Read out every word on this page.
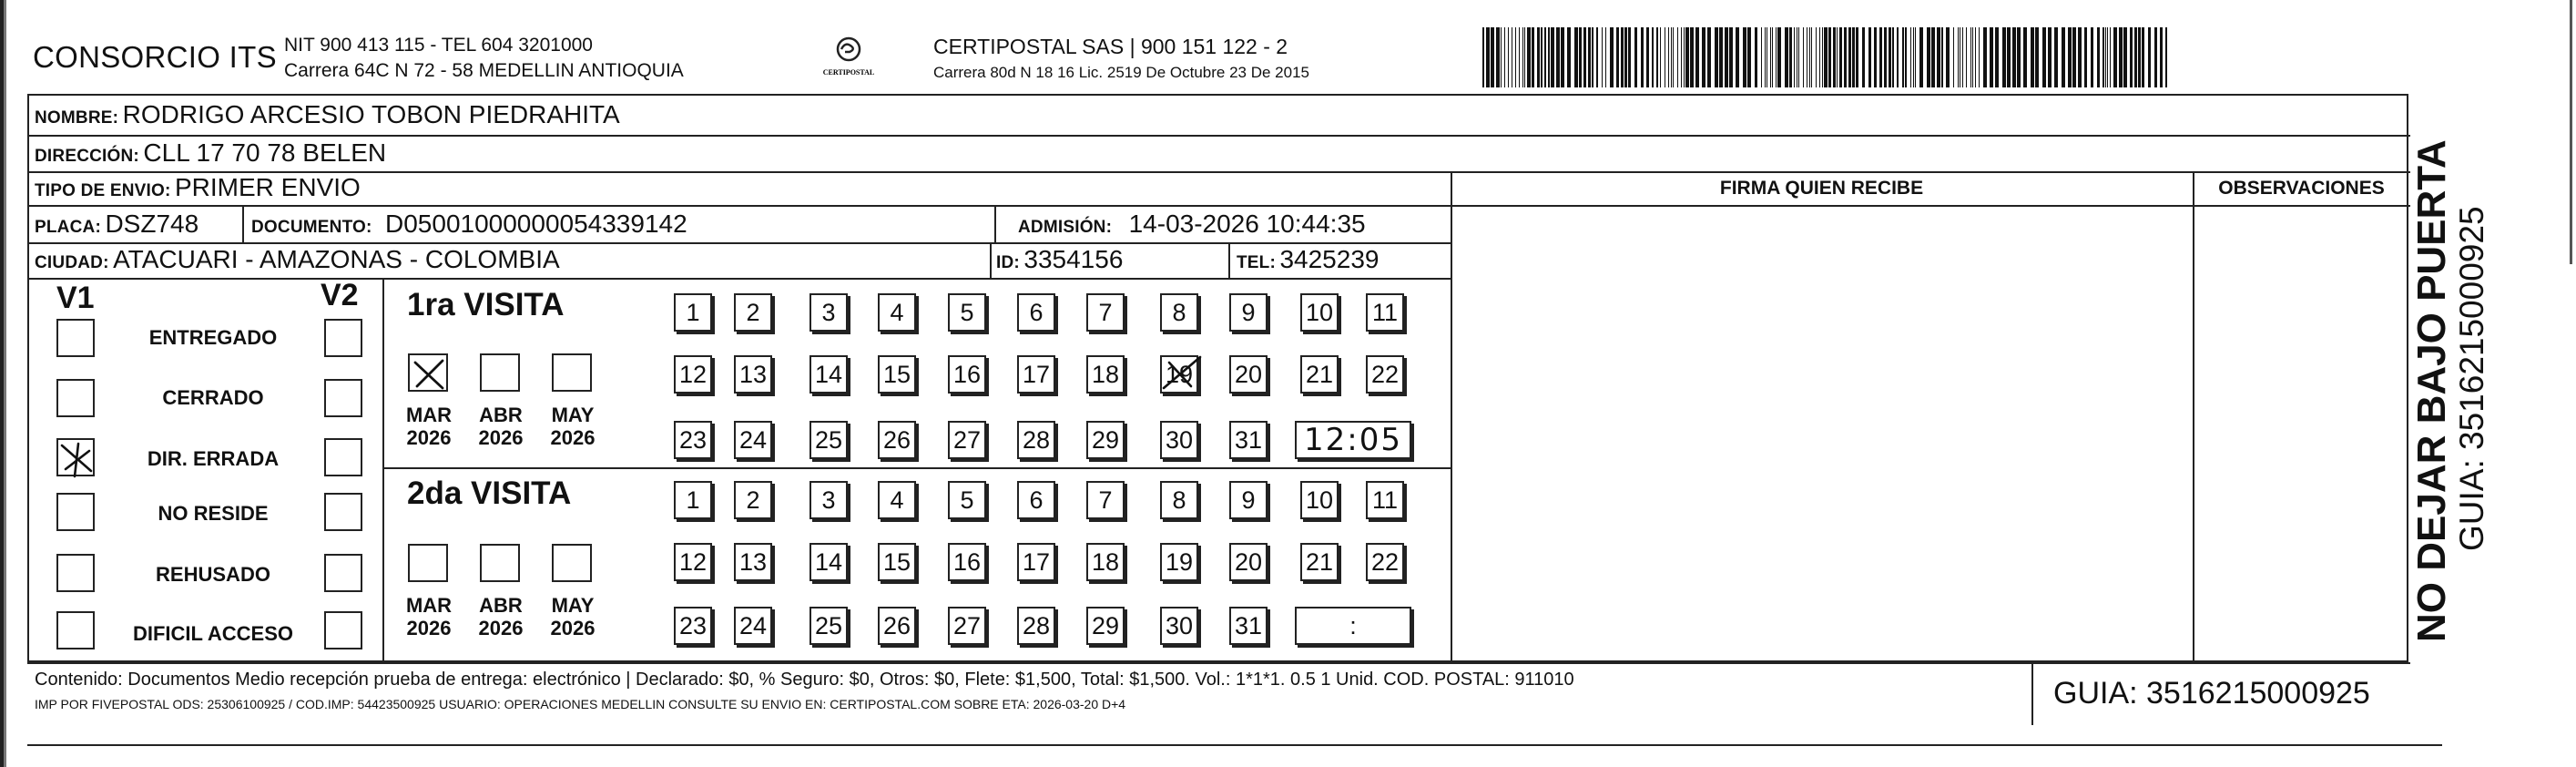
CONSORCIO ITS NIT 900 413 115 - TEL 604 3201000
Carrera 64C N 72 - 58 MEDELLIN ANTIOQUIA	CERTIPOSTAL
CERTIPOSTAL SAS | 900 151 122 - 2
Carrera 80d N 18 16 Lic. 2519 De Octubre 23 De 2015
NOMBRE: RODRIGO ARCESIO TOBON PIEDRAHITA
DIRECCIÓN: CLL 17 70 78 BELEN
TIPO DE ENVIO: PRIMER ENVIO	FIRMA QUIEN RECIBE	OBSERVACIONES
PLACA: DSZ748	DOCUMENTO: D05001000000054339142	ADMISIÓN: 14-03-2026 10:44:35
CIUDAD: ATACUARI - AMAZONAS - COLOMBIA	ID: 3354156	TEL: 3425239
V1	V2
ENTREGADO
CERRADO
DIR. ERRADA
NO RESIDE
REHUSADO
DIFICIL ACCESO
1ra VISITA
MAR
2026
ABR
2026
MAY
2026
1	2	3	4	5	6	7	8	9	10 11
12 13 14 15 16 17 18 19 20 21 22
23 24 25 26 27 28 29 30 31 12:05
2da VISITA
MAR
2026
ABR
2026
MAY
2026
1	2	3	4	5	6	7	8	9	10 11
12 13 14 15 16 17 18 19 20 21 22
23 24 25 26 27 28 29 30 31	:
Contenido: Documentos Medio recepción prueba de entrega: electrónico | Declarado: $0, % Seguro: $0, Otros: $0, Flete: $1,500, Total: $1,500. Vol.: 1*1*1. 0.5 1 Unid. COD. POSTAL: 911010
IMP POR FIVEPOSTAL ODS: 25306100925 / COD.IMP: 54423500925 USUARIO: OPERACIONES MEDELLIN CONSULTE SU ENVIO EN: CERTIPOSTAL.COM SOBRE ETA: 2026-03-20 D+4	GUIA: 3516215000925
NO DEJAR BAJO PUERTA GUIA: 3516215000925
